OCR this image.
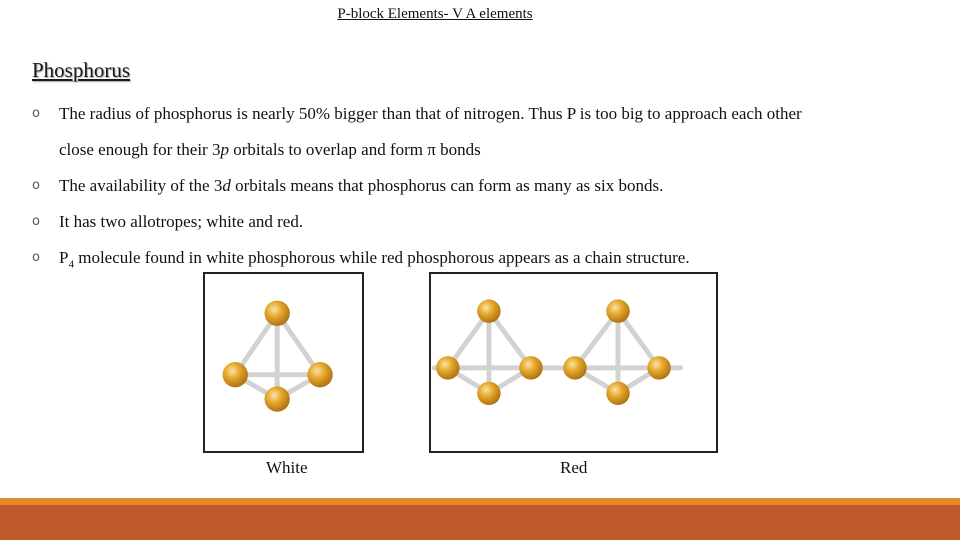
P-block Elements- V A elements
Phosphorus
o The radius of phosphorus is nearly 50% bigger than that of nitrogen. Thus P is too big to approach each other
close enough for their 3p orbitals to overlap and form π bonds
o The availability of the 3d orbitals means that phosphorus can form as many as six bonds.
o It has two allotropes; white and red.
o $P_4$ molecule found in white phosphorous while red phosphorous appears as a chain structure.
White	Red
